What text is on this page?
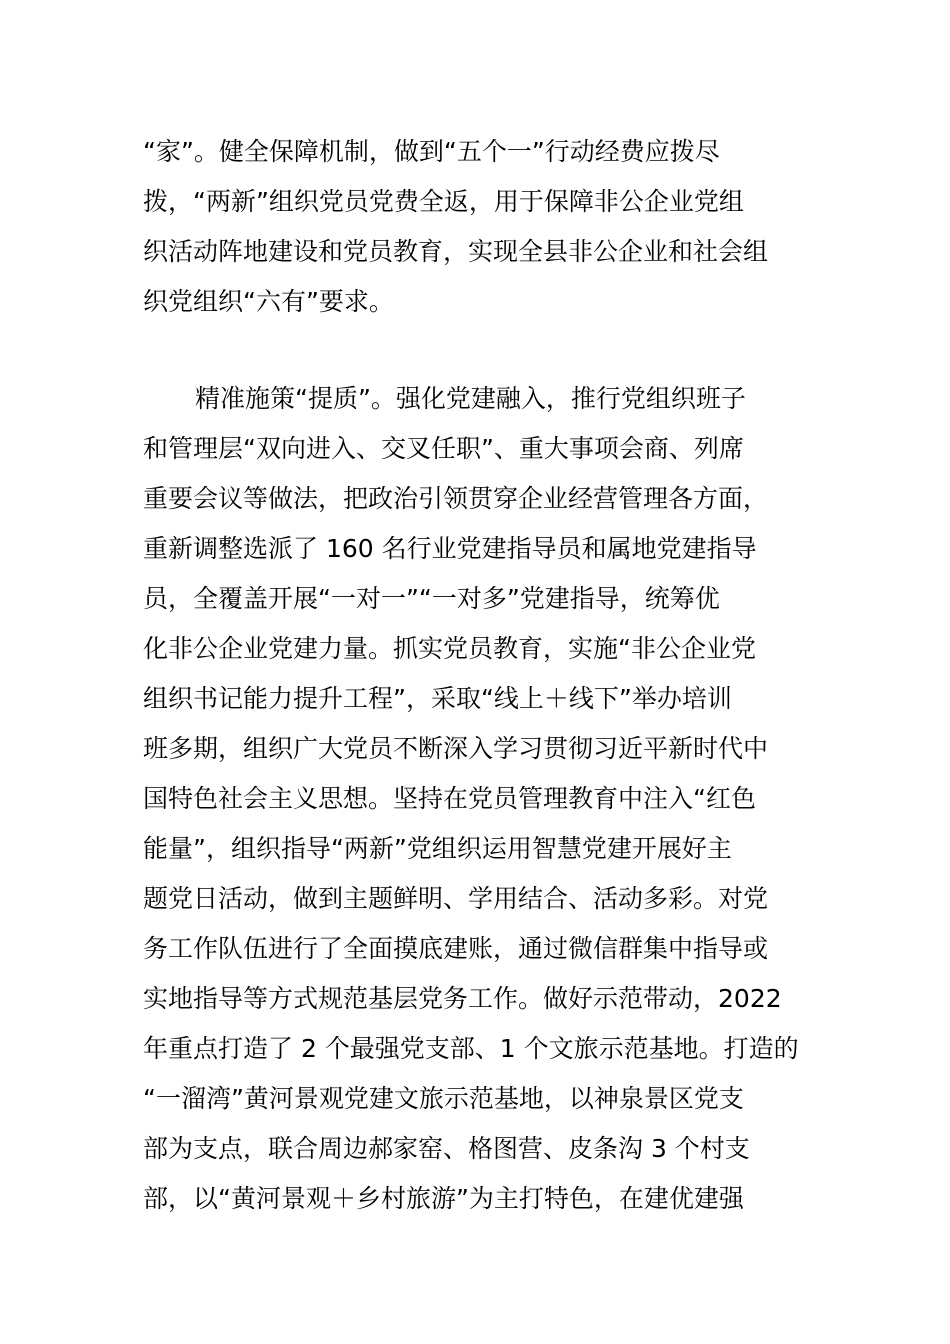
“家”。健全保障机制，做到“五个一”行动经费应拨尽
拨，“两新”组织党员党费全返，用于保障非公企业党组
织活动阵地建设和党员教育，实现全县非公企业和社会组
织党组织“六有”要求。
精准施策“提质”。强化党建融入，推行党组织班子
和管理层“双向进入、交叉任职”、重大事项会商、列席
重要会议等做法，把政治引领贯穿企业经营管理各方面，
重新调整选派了 160 名行业党建指导员和属地党建指导
员，全覆盖开展“一对一”“一对多”党建指导，统筹优
化非公企业党建力量。抓实党员教育，实施“非公企业党
组织书记能力提升工程”，采取“线上＋线下”举办培训
班多期，组织广大党员不断深入学习贯彻习近平新时代中
国特色社会主义思想。坚持在党员管理教育中注入“红色
能量”，组织指导“两新”党组织运用智慧党建开展好主
题党日活动，做到主题鲜明、学用结合、活动多彩。对党
务工作队伍进行了全面摸底建账，通过微信群集中指导或
实地指导等方式规范基层党务工作。做好示范带动，2022
年重点打造了 2 个最强党支部、1 个文旅示范基地。打造的
“一溜湾”黄河景观党建文旅示范基地，以神泉景区党支
部为支点，联合周边郝家窑、格图营、皮条沟 3 个村支
部，以“黄河景观＋乡村旅游”为主打特色，在建优建强
